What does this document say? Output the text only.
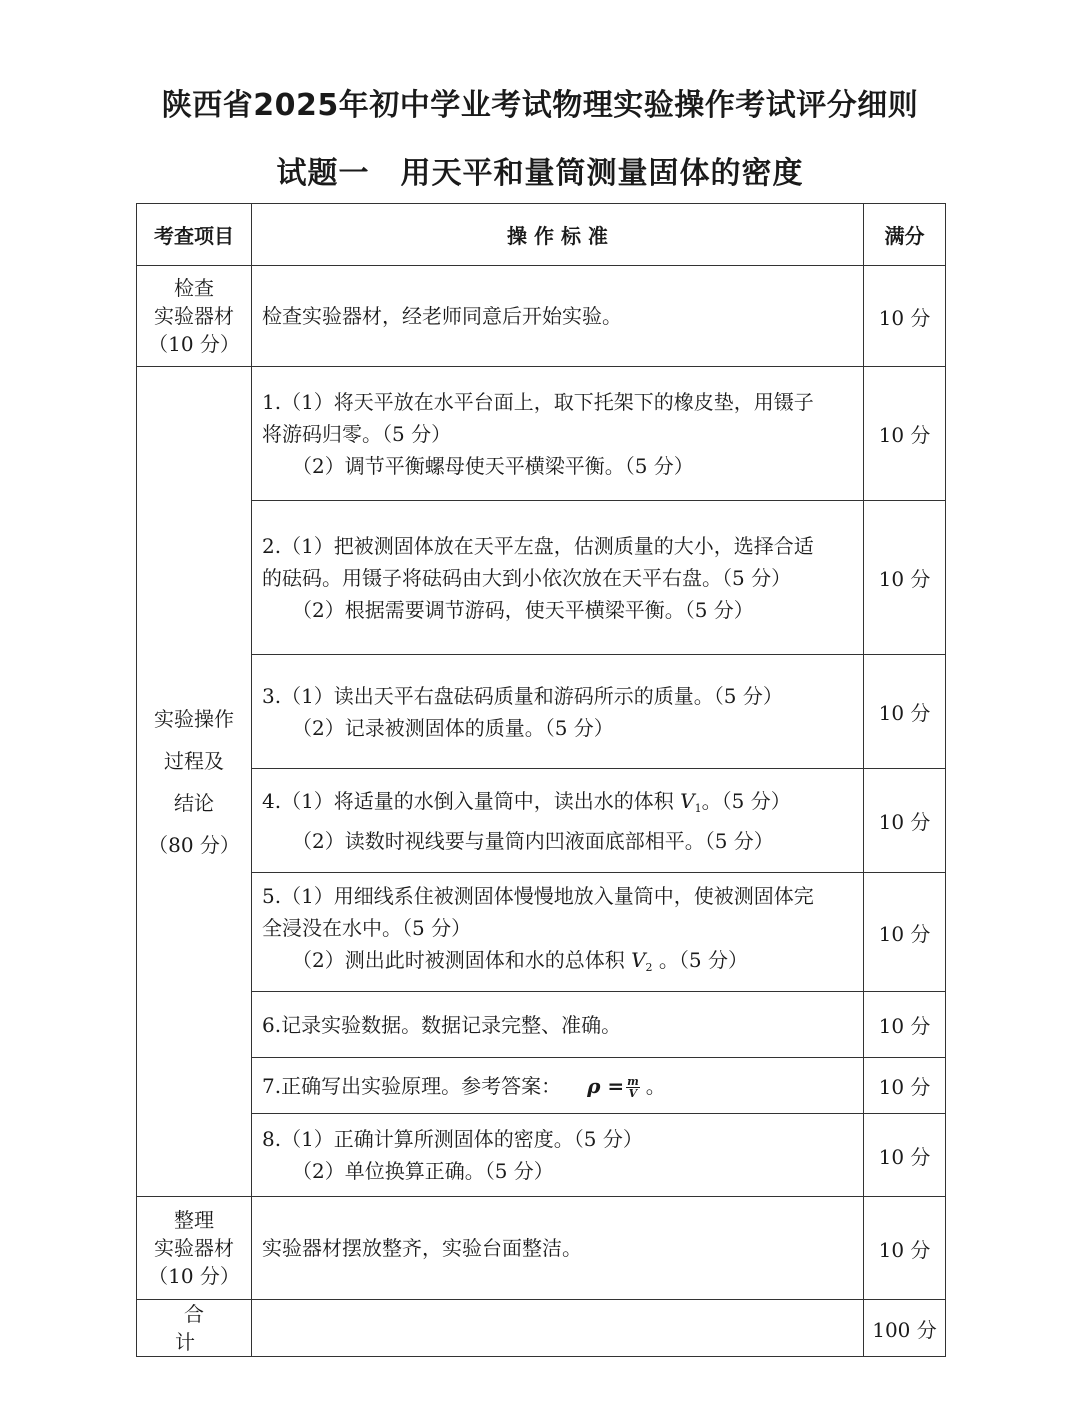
陕西省2025年初中学业考试物理实验操作考试评分细则
试题一　用天平和量筒测量固体的密度
考查项目	操 作 标 准	满分

检查
实验器材
（10 分）	检查实验器材，经老师同意后开始实验。	10 分

实验操作
过程及
结论
（80 分）	1.（1）将天平放在水平台面上，取下托架下的橡皮垫，用镊子
将游码归零。（5 分）
（2）调节平衡螺母使天平横梁平衡。（5 分）	10 分

	2.（1）把被测固体放在天平左盘，估测质量的大小，选择合适
的砝码。用镊子将砝码由大到小依次放在天平右盘。（5 分）
（2）根据需要调节游码，使天平横梁平衡。（5 分）	10 分

	3.（1）读出天平右盘砝码质量和游码所示的质量。（5 分）
（2）记录被测固体的质量。（5 分）	10 分

	4.（1）将适量的水倒入量筒中，读出水的体积 $V_1$。（5 分）
（2）读数时视线要与量筒内凹液面底部相平。（5 分）	10 分

	5.（1）用细线系住被测固体慢慢地放入量筒中，使被测固体完
全浸没在水中。（5 分）
（2）测出此时被测固体和水的总体积 $V_2$ 。（5 分）	10 分

	6.记录实验数据。数据记录完整、准确。	10 分

	7.正确写出实验原理。参考答案： $\rho = \frac{m}{V}$ 。	10 分

	8.（1）正确计算所测固体的密度。（5 分）
（2）单位换算正确。（5 分）	10 分

整理
实验器材
（10 分）	实验器材摆放整齐，实验台面整洁。	10 分
合 计		100 分
